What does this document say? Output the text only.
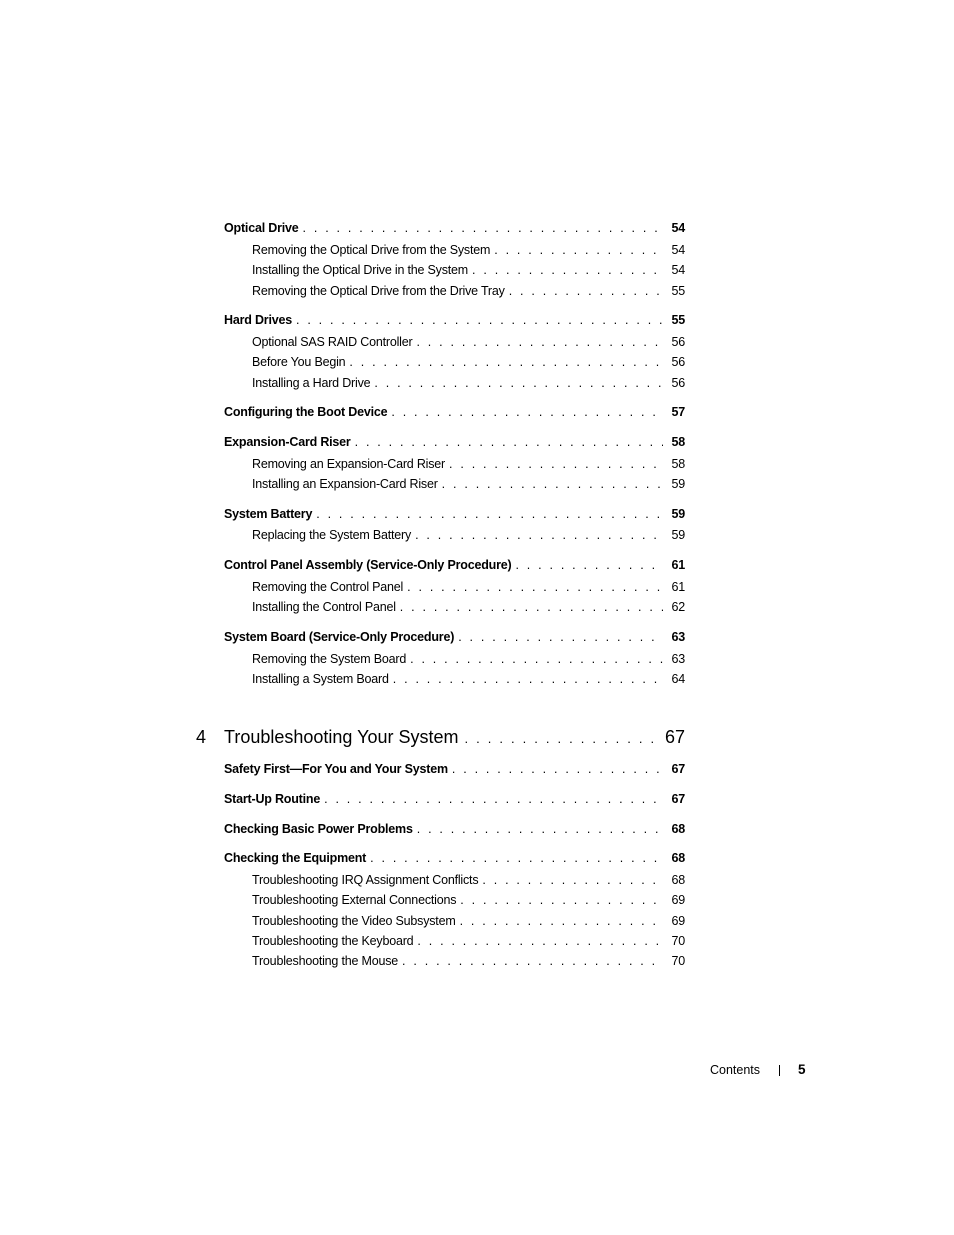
Optical Drive . . .	54
Removing the Optical Drive from the System . . .	54
Installing the Optical Drive in the System . . .	54
Removing the Optical Drive from the Drive Tray . . .	55
Hard Drives . . .	55
Optional SAS RAID Controller . . .	56
Before You Begin . . .	56
Installing a Hard Drive . . .	56
Configuring the Boot Device . . .	57
Expansion-Card Riser . . .	58
Removing an Expansion-Card Riser . . .	58
Installing an Expansion-Card Riser . . .	59
System Battery . . .	59
Replacing the System Battery . . .	59
Control Panel Assembly (Service-Only Procedure) . . .	61
Removing the Control Panel . . .	61
Installing the Control Panel . . .	62
System Board (Service-Only Procedure) . . .	63
Removing the System Board . . .	63
Installing a System Board . . .	64
4 Troubleshooting Your System . . .	67
Safety First—For You and Your System . . .	67
Start-Up Routine . . .	67
Checking Basic Power Problems . . .	68
Checking the Equipment . . .	68
Troubleshooting IRQ Assignment Conflicts . . .	68
Troubleshooting External Connections . . .	69
Troubleshooting the Video Subsystem . . .	69
Troubleshooting the Keyboard . . .	70
Troubleshooting the Mouse . . .	70
Contents	5
